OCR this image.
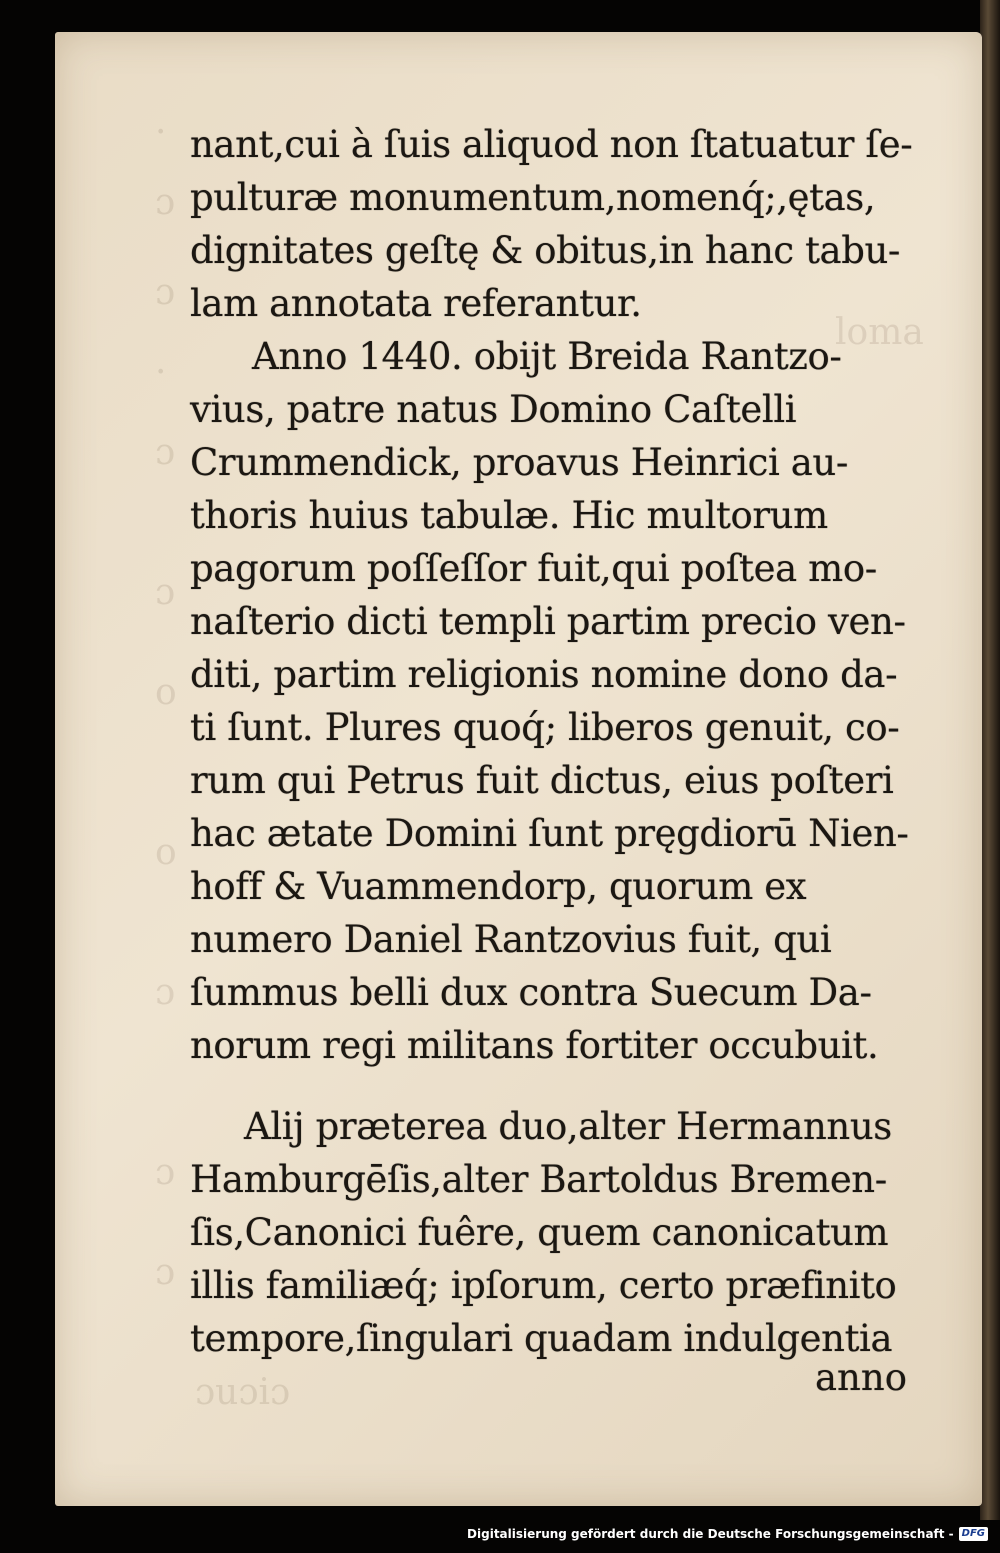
·
ɔ
ɔ
·
ɔ
ɔ
o
o
ɔ
ɔ
ɔ
ɔuɔiɔ
loma
nant,cui à ſuis aliquod non ſtatuatur ſe-
pulturæ monumentum,nomenq́;,ętas,
dignitates geſtę & obitus,in hanc tabu-
lam annotata referantur.
Anno 1440. obijt Breida Rantzo-
vius, patre natus Domino Caſtelli
Crummendick, proavus Heinrici au-
thoris huius tabulæ. Hic multorum
pagorum poſſeſſor fuit,qui poſtea mo-
naſterio dicti templi partim precio ven-
diti, partim religionis nomine dono da-
ti ſunt. Plures quoq́; liberos genuit, co-
rum qui Petrus fuit dictus, eius poſteri
hac ætate Domini ſunt pręgdiorū Nien-
hoff & Vuammendorp, quorum ex
numero Daniel Rantzovius fuit, qui
ſummus belli dux contra Suecum Da-
norum regi militans fortiter occubuit.
Alij præterea duo,alter Hermannus
Hamburgēſis,alter Bartoldus Bremen-
ſis,Canonici fuêre, quem canonicatum
illis familiæq́; ipſorum, certo præfinito
tempore,ſingulari quadam indulgentia
anno
Digitalisierung gefördert durch die Deutsche Forschungsgemeinschaft - DFG
